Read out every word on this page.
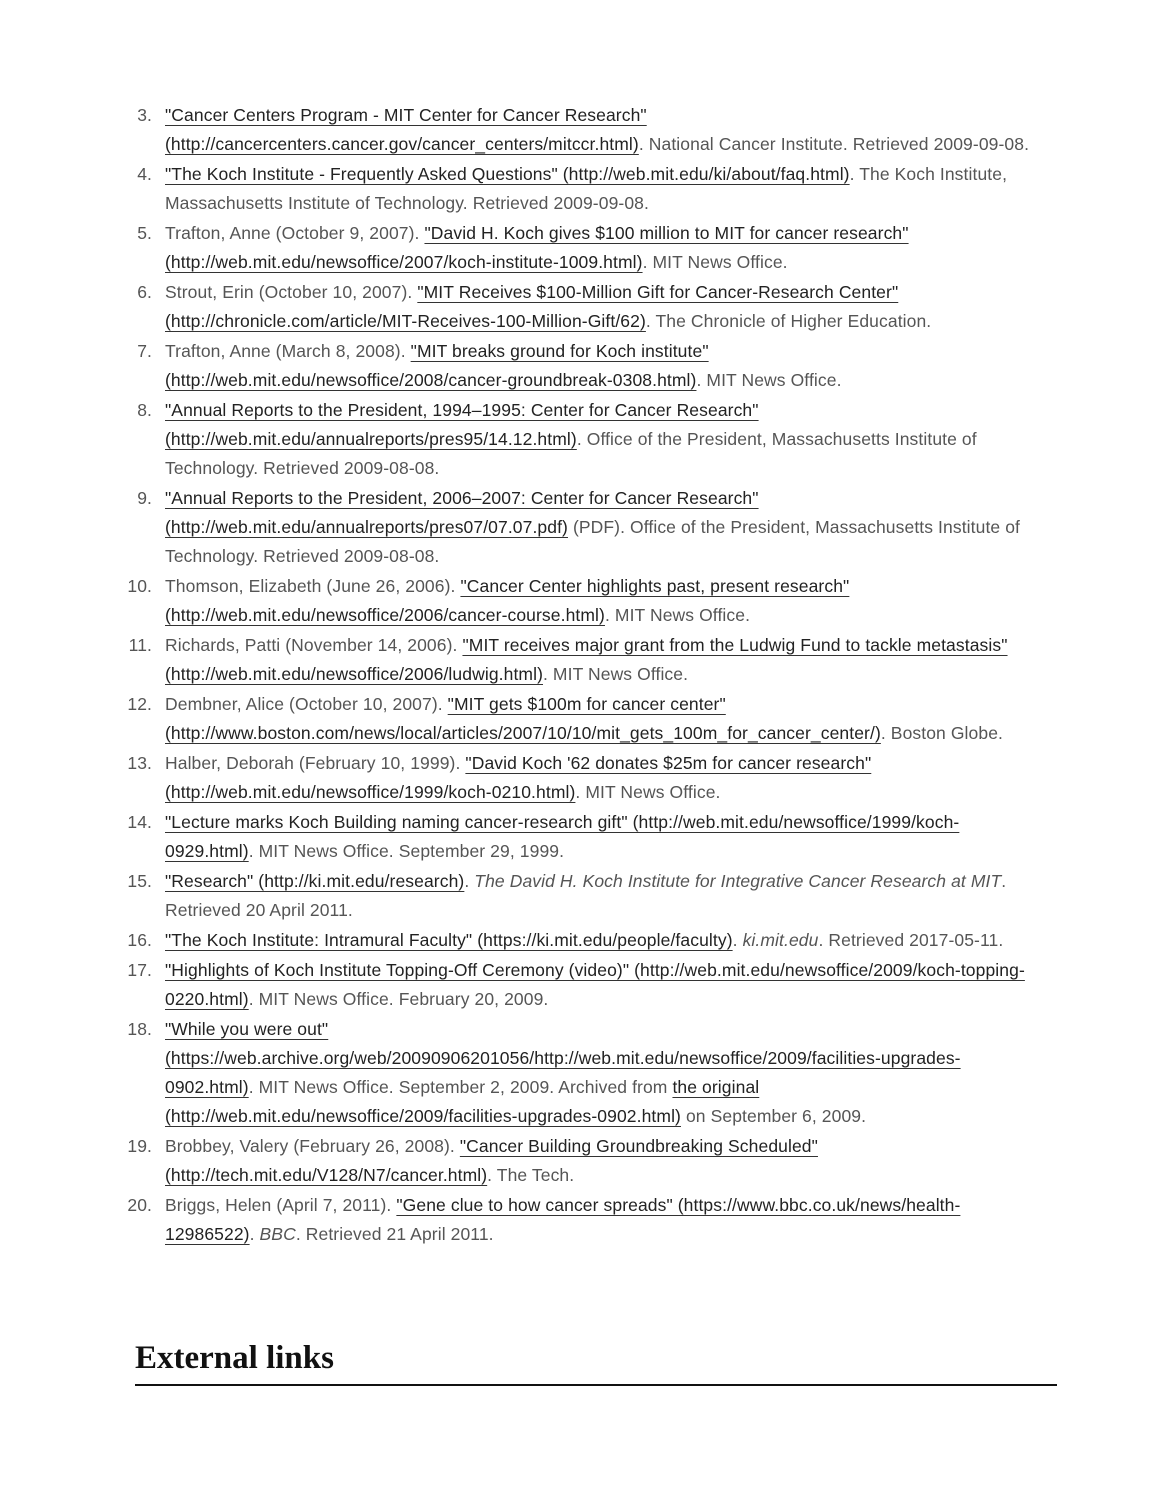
3. "Cancer Centers Program - MIT Center for Cancer Research" (http://cancercenters.cancer.gov/cancer_centers/mitccr.html). National Cancer Institute. Retrieved 2009-09-08.
4. "The Koch Institute - Frequently Asked Questions" (http://web.mit.edu/ki/about/faq.html). The Koch Institute, Massachusetts Institute of Technology. Retrieved 2009-09-08.
5. Trafton, Anne (October 9, 2007). "David H. Koch gives $100 million to MIT for cancer research" (http://web.mit.edu/newsoffice/2007/koch-institute-1009.html). MIT News Office.
6. Strout, Erin (October 10, 2007). "MIT Receives $100-Million Gift for Cancer-Research Center" (http://chronicle.com/article/MIT-Receives-100-Million-Gift/62). The Chronicle of Higher Education.
7. Trafton, Anne (March 8, 2008). "MIT breaks ground for Koch institute" (http://web.mit.edu/newsoffice/2008/cancer-groundbreak-0308.html). MIT News Office.
8. "Annual Reports to the President, 1994–1995: Center for Cancer Research" (http://web.mit.edu/annualreports/pres95/14.12.html). Office of the President, Massachusetts Institute of Technology. Retrieved 2009-08-08.
9. "Annual Reports to the President, 2006–2007: Center for Cancer Research" (http://web.mit.edu/annualreports/pres07/07.07.pdf) (PDF). Office of the President, Massachusetts Institute of Technology. Retrieved 2009-08-08.
10. Thomson, Elizabeth (June 26, 2006). "Cancer Center highlights past, present research" (http://web.mit.edu/newsoffice/2006/cancer-course.html). MIT News Office.
11. Richards, Patti (November 14, 2006). "MIT receives major grant from the Ludwig Fund to tackle metastasis" (http://web.mit.edu/newsoffice/2006/ludwig.html). MIT News Office.
12. Dembner, Alice (October 10, 2007). "MIT gets $100m for cancer center" (http://www.boston.com/news/local/articles/2007/10/10/mit_gets_100m_for_cancer_center/). Boston Globe.
13. Halber, Deborah (February 10, 1999). "David Koch '62 donates $25m for cancer research" (http://web.mit.edu/newsoffice/1999/koch-0210.html). MIT News Office.
14. "Lecture marks Koch Building naming cancer-research gift" (http://web.mit.edu/newsoffice/1999/koch-0929.html). MIT News Office. September 29, 1999.
15. "Research" (http://ki.mit.edu/research). The David H. Koch Institute for Integrative Cancer Research at MIT. Retrieved 20 April 2011.
16. "The Koch Institute: Intramural Faculty" (https://ki.mit.edu/people/faculty). ki.mit.edu. Retrieved 2017-05-11.
17. "Highlights of Koch Institute Topping-Off Ceremony (video)" (http://web.mit.edu/newsoffice/2009/koch-topping-0220.html). MIT News Office. February 20, 2009.
18. "While you were out" (https://web.archive.org/web/20090906201056/http://web.mit.edu/newsoffice/2009/facilities-upgrades-0902.html). MIT News Office. September 2, 2009. Archived from the original (http://web.mit.edu/newsoffice/2009/facilities-upgrades-0902.html) on September 6, 2009.
19. Brobbey, Valery (February 26, 2008). "Cancer Building Groundbreaking Scheduled" (http://tech.mit.edu/V128/N7/cancer.html). The Tech.
20. Briggs, Helen (April 7, 2011). "Gene clue to how cancer spreads" (https://www.bbc.co.uk/news/health-12986522). BBC. Retrieved 21 April 2011.
External links
